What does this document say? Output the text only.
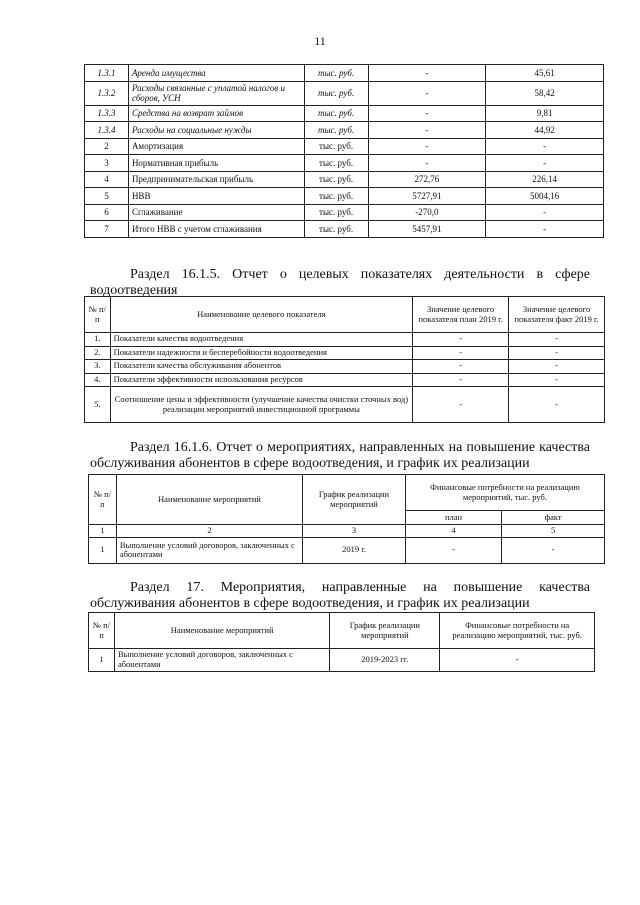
11
1.3.1	Аренда имущества	тыс. руб.	-	45,61
1.3.2	Расходы связанные с уплатой налогов и сборов, УСН	тыс. руб.	-	58,42
1.3.3	Средства на возврат займов	тыс. руб.	-	9,81
1.3.4	Расходы на социальные нужды	тыс. руб.	-	44,92
2	Амортизация	тыс. руб.	-	-
3	Нормативная прибыль	тыс. руб.	-	-
4	Предпринимательская прибыль	тыс. руб.	272,76	226,14
5	НВВ	тыс. руб.	5727,91	5004,16
6	Сглаживание	тыс. руб.	-270,0	-
7	Итого НВВ с учетом сглаживания	тыс. руб.	5457,91	-
Раздел 16.1.5. Отчет о целевых показателях деятельности в сфере
водоотведения
№ п/п	Наименование целевого показателя	Значение целевого показателя план 2019 г.	Значение целевого показателя факт 2019 г.
1.	Показатели качества водоотведения	-	-
2.	Показатели надежности и бесперебойности водоотведения	-	-
3.	Показатели качества обслуживания абонентов	-	-
4.	Показатели эффективности использования ресурсов	-	-
5.	Соотношение цены и эффективности (улучшение качества очистки сточных вод) реализации мероприятий инвестиционной программы	-	-
Раздел 16.1.6. Отчет о мероприятиях, направленных на повышение качества
обслуживания абонентов в сфере водоотведения, и график их реализации
№ п/п	Наименование мероприятий	График реализации мероприятий	Финансовые потребности на реализацию мероприятий, тыс. руб.	
			план	факт
1	2	3	4	5
1	Выполнение условий договоров, заключенных с абонентами	2019 г.	-	-
Раздел 17. Мероприятия, направленные на повышение качества
обслуживания абонентов в сфере водоотведения, и график их реализации
№ п/п	Наименование мероприятий	График реализации мероприятий	Финансовые потребности на реализацию мероприятий, тыс. руб.
1	Выполнение условий договоров, заключенных с абонентами	2019-2023 гг.	-
